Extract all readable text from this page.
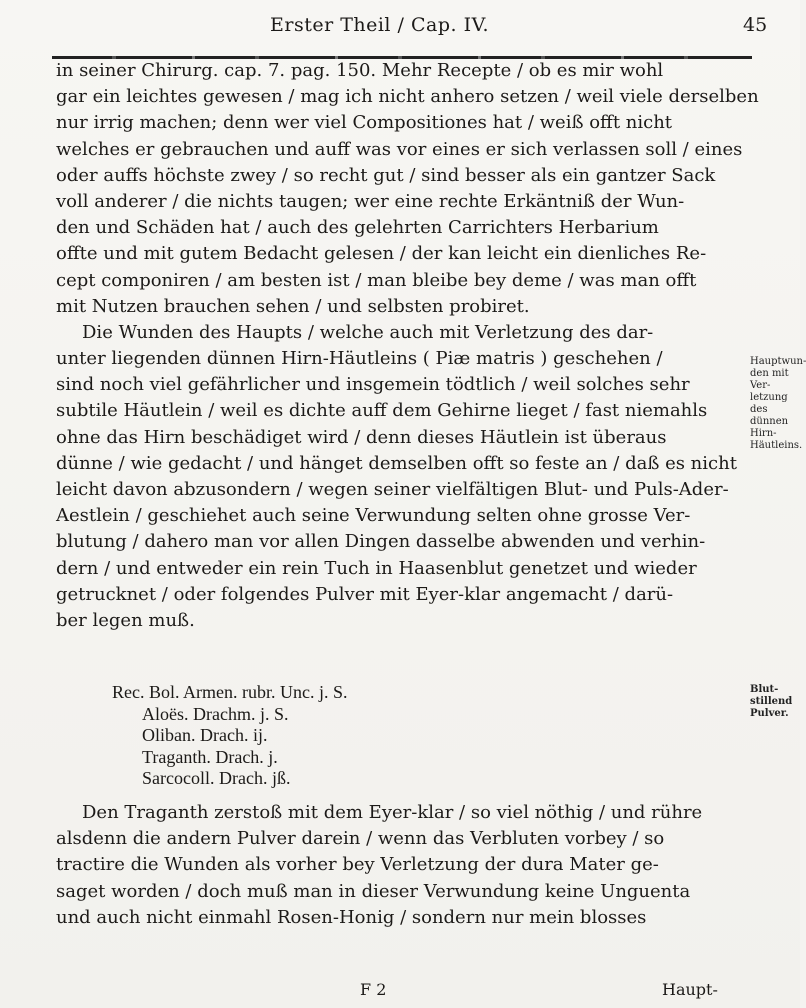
Erster Theil / Cap. IV.	45
in seiner Chirurg. cap. 7. pag. 150. Mehr Recepte / ob es mir wohl
gar ein leichtes gewesen / mag ich nicht anhero setzen / weil viele derselben
nur irrig machen; denn wer viel Compositiones hat / weiß offt nicht
welches er gebrauchen und auff was vor eines er sich verlassen soll / eines
oder auffs höchste zwey / so recht gut / sind besser als ein gantzer Sack
voll anderer / die nichts taugen; wer eine rechte Erkäntniß der Wun-
den und Schäden hat / auch des gelehrten Carrichters Herbarium
offte und mit gutem Bedacht gelesen / der kan leicht ein dienliches Re-
cept componiren / am besten ist / man bleibe bey deme / was man offt
mit Nutzen brauchen sehen / und selbsten probiret.
Die Wunden des Haupts / welche auch mit Verletzung des dar-
unter liegenden dünnen Hirn-Häutleins ( Piæ matris ) geschehen /
sind noch viel gefährlicher und insgemein tödtlich / weil solches sehr
subtile Häutlein / weil es dichte auff dem Gehirne lieget / fast niemahls
ohne das Hirn beschädiget wird / denn dieses Häutlein ist überaus
dünne / wie gedacht / und hänget demselben offt so feste an / daß es nicht
leicht davon abzusondern / wegen seiner vielfältigen Blut- und Puls-Ader-
Aestlein / geschiehet auch seine Verwundung selten ohne grosse Ver-
blutung / dahero man vor allen Dingen dasselbe abwenden und verhin-
dern / und entweder ein rein Tuch in Haasenblut genetzet und wieder
getrucknet / oder folgendes Pulver mit Eyer-klar angemacht / darü-
ber legen muß.
Rec. Bol. Armen. rubr. Unc. j. S.
Aloës. Drachm. j. S.
Oliban. Drach. ij.
Traganth. Drach. j.
Sarcocoll. Drach. jß.
Den Traganth zerstoß mit dem Eyer-klar / so viel nöthig / und rühre
alsdenn die andern Pulver darein / wenn das Verbluten vorbey / so
tractire die Wunden als vorher bey Verletzung der dura Mater ge-
saget worden / doch muß man in dieser Verwundung keine Unguenta
und auch nicht einmahl Rosen-Honig / sondern nur mein blosses
Hauptwun-den mit Ver-letzung des dünnen Hirn-Häutleins.
Blut-stillend Pulver.
F 2	Haupt-
